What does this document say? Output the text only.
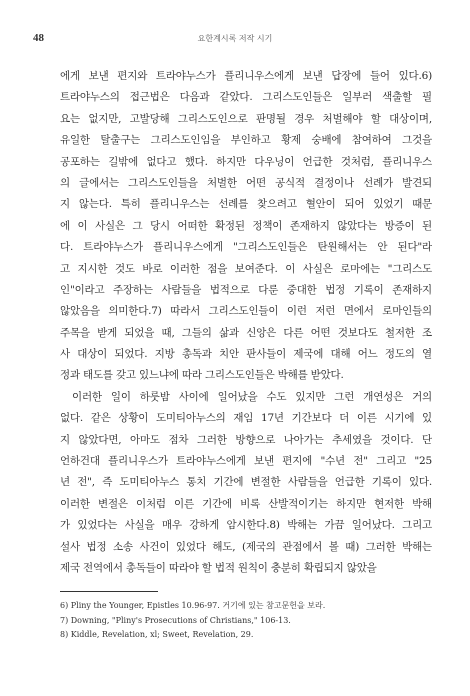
48	요한계시록 저작 시기
에게 보낸 편지와 트라야누스가 플리니우스에게 보낸 답장에 들어 있다.6)
트라야누스의 접근법은 다음과 같았다. 그리스도인들은 일부러 색출할 필
요는 없지만, 고발당해 그리스도인으로 판명될 경우 처벌해야 할 대상이며,
유일한 탈출구는 그리스도인임을 부인하고 황제 숭배에 참여하여 그것을
공포하는 길밖에 없다고 했다. 하지만 다우닝이 언급한 것처럼, 플리니우스
의 글에서는 그리스도인들을 처벌한 어떤 공식적 결정이나 선례가 발견되
지 않는다. 특히 플리니우스는 선례를 찾으려고 혈안이 되어 있었기 때문
에 이 사실은 그 당시 어떠한 확정된 정책이 존재하지 않았다는 방증이 된
다. 트라야누스가 플리니우스에게 "그리스도인들은 탄원해서는 안 된다"라
고 지시한 것도 바로 이러한 점을 보여준다. 이 사실은 로마에는 "그리스도
인"이라고 주장하는 사람들을 법적으로 다룬 중대한 법정 기록이 존재하지
않았음을 의미한다.7) 따라서 그리스도인들이 이런 저런 면에서 로마인들의
주목을 받게 되었을 때, 그들의 삶과 신앙은 다른 어떤 것보다도 철저한 조
사 대상이 되었다. 지방 총독과 치안 판사들이 제국에 대해 어느 정도의 열
정과 태도를 갖고 있느냐에 따라 그리스도인들은 박해를 받았다.
이러한 일이 하룻밤 사이에 일어났을 수도 있지만 그런 개연성은 거의
없다. 같은 상황이 도미티아누스의 재임 17년 기간보다 더 이른 시기에 있
지 않았다면, 아마도 점차 그러한 방향으로 나아가는 추세였을 것이다. 단
언하건대 플리니우스가 트라야누스에게 보낸 편지에 "수년 전" 그리고 "25
년 전", 즉 도미티아누스 통치 기간에 변절한 사람들을 언급한 기록이 있다.
이러한 변절은 이처럼 이른 기간에 비록 산발적이기는 하지만 현저한 박해
가 있었다는 사실을 매우 강하게 암시한다.8) 박해는 가끔 일어났다. 그리고
설사 법정 소송 사건이 있었다 해도, (제국의 관점에서 볼 때) 그러한 박해는
제국 전역에서 총독들이 따라야 할 법적 원칙이 충분히 확립되지 않았을
6) Pliny the Younger, Epistles 10.96-97. 거기에 있는 참고문헌을 보라.
7) Downing, "Pliny's Prosecutions of Christians," 106-13.
8) Kiddle, Revelation, xl; Sweet, Revelation, 29.
